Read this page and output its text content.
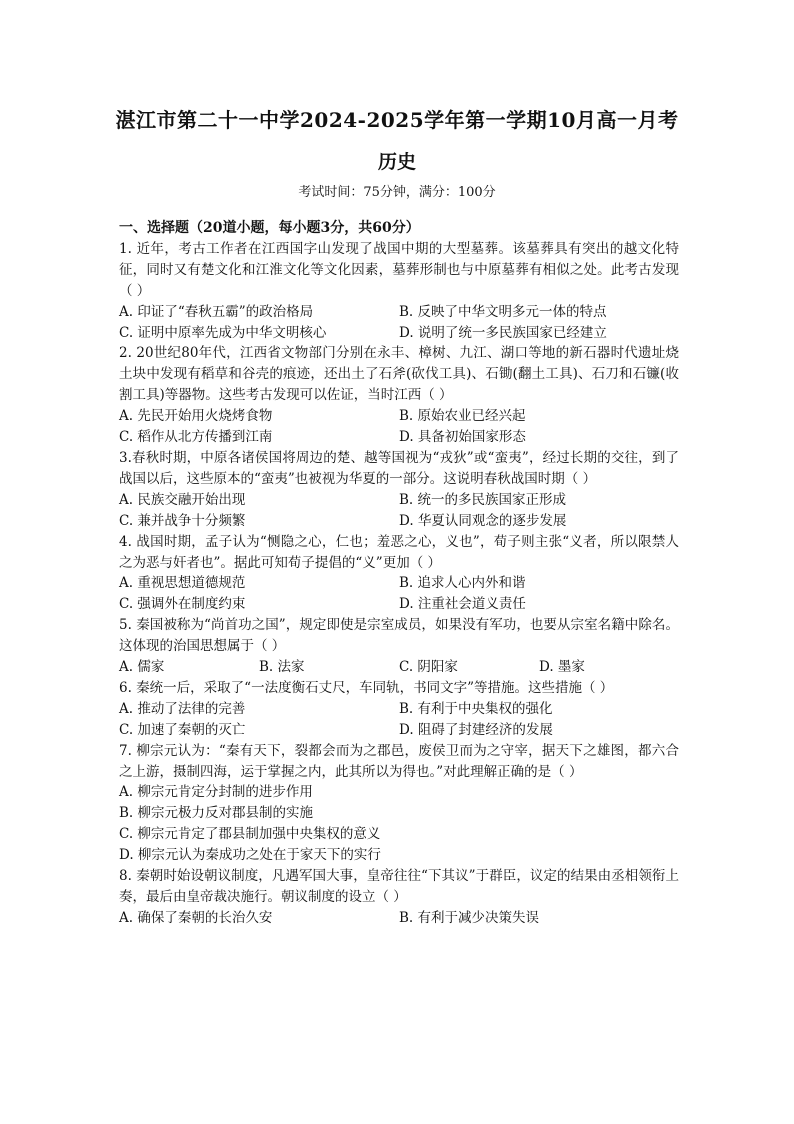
湛江市第二十一中学2024-2025学年第一学期10月高一月考
历史
考试时间：75分钟，满分：100分
一、选择题（20道小题，每小题3分，共60分）
1. 近年，考古工作者在江西国字山发现了战国中期的大型墓葬。该墓葬具有突出的越文化特征，同时又有楚文化和江淮文化等文化因素，墓葬形制也与中原墓葬有相似之处。此考古发现（ ）
A. 印证了“春秋五霸”的政治格局	B. 反映了中华文明多元一体的特点
C. 证明中原率先成为中华文明核心	D. 说明了统一多民族国家已经建立
2. 20世纪80年代，江西省文物部门分别在永丰、樟树、九江、湖口等地的新石器时代遗址烧土块中发现有稻草和谷壳的痕迹，还出土了石斧(砍伐工具)、石锄(翻土工具)、石刀和石镰(收割工具)等器物。这些考古发现可以佐证，当时江西（ ）
A. 先民开始用火烧烤食物	B. 原始农业已经兴起
C. 稻作从北方传播到江南	D. 具备初始国家形态
3.春秋时期，中原各诸侯国将周边的楚、越等国视为“戎狄”或“蛮夷”，经过长期的交往，到了战国以后，这些原本的“蛮夷”也被视为华夏的一部分。这说明春秋战国时期（ ）
A. 民族交融开始出现	B. 统一的多民族国家正形成
C. 兼并战争十分频繁	D. 华夏认同观念的逐步发展
4. 战国时期，孟子认为“恻隐之心，仁也；羞恶之心，义也”，荀子则主张“义者，所以限禁人之为恶与奸者也”。据此可知荀子提倡的“义”更加（ ）
A. 重视思想道德规范	B. 追求人心内外和谐
C. 强调外在制度约束	D. 注重社会道义责任
5. 秦国被称为“尚首功之国”，规定即使是宗室成员，如果没有军功，也要从宗室名籍中除名。这体现的治国思想属于（ ）
A. 儒家	B. 法家	C. 阴阳家	D. 墨家
6. 秦统一后，采取了“一法度衡石丈尺，车同轨，书同文字”等措施。这些措施（ ）
A. 推动了法律的完善	B. 有利于中央集权的强化
C. 加速了秦朝的灭亡	D. 阻碍了封建经济的发展
7. 柳宗元认为：“秦有天下，裂都会而为之郡邑，废侯卫而为之守宰，据天下之雄图，都六合之上游，摄制四海，运于掌握之内，此其所以为得也。”对此理解正确的是（ ）
A. 柳宗元肯定分封制的进步作用
B. 柳宗元极力反对郡县制的实施
C. 柳宗元肯定了郡县制加强中央集权的意义
D. 柳宗元认为秦成功之处在于家天下的实行
8. 秦朝时始设朝议制度，凡遇军国大事，皇帝往往“下其议”于群臣，议定的结果由丞相领衔上奏，最后由皇帝裁决施行。朝议制度的设立（ ）
A. 确保了秦朝的长治久安	B. 有利于减少决策失误
